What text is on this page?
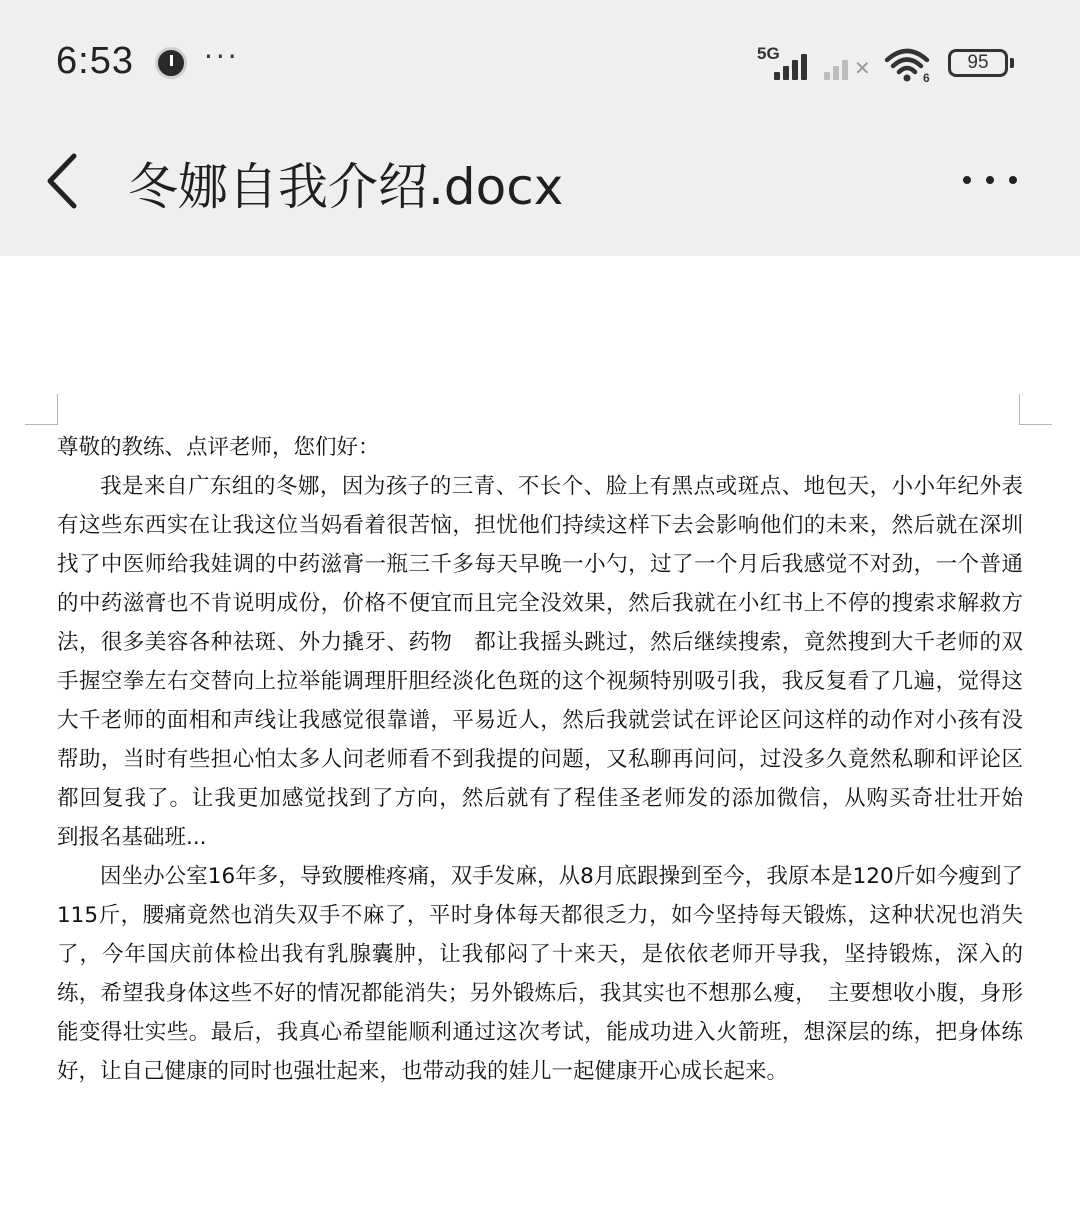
6:53	···	5G
✕	6
95
冬娜自我介绍.docx

尊敬的教练、点评老师，您们好：

我是来自广东组的冬娜，因为孩子的三青、不长个、脸上有黑点或斑点、地包天，小小年纪外表有这些东西实在让我这位当妈看着很苦恼，担忧他们持续这样下去会影响他们的未来，然后就在深圳找了中医师给我娃调的中药滋膏一瓶三千多每天早晚一小勺，过了一个月后我感觉不对劲，一个普通的中药滋膏也不肯说明成份，价格不便宜而且完全没效果，然后我就在小红书上不停的搜索求解救方法，很多美容各种祛斑、外力撬牙、药物　都让我摇头跳过，然后继续搜索，竟然搜到大千老师的双手握空拳左右交替向上拉举能调理肝胆经淡化色斑的这个视频特别吸引我，我反复看了几遍，觉得这大千老师的面相和声线让我感觉很靠谱，平易近人，然后我就尝试在评论区问这样的动作对小孩有没帮助，当时有些担心怕太多人问老师看不到我提的问题，又私聊再问问，过没多久竟然私聊和评论区都回复我了。让我更加感觉找到了方向，然后就有了程佳圣老师发的添加微信，从购买奇壮壮开始　到报名基础班...

因坐办公室16年多，导致腰椎疼痛，双手发麻，从8月底跟操到至今，我原本是120斤如今瘦到了115斤，腰痛竟然也消失双手不麻了，平时身体每天都很乏力，如今坚持每天锻炼，这种状况也消失了，今年国庆前体检出我有乳腺囊肿，让我郁闷了十来天，是依依老师开导我，坚持锻炼，深入的练，希望我身体这些不好的情况都能消失；另外锻炼后，我其实也不想那么瘦，　主要想收小腹，身形能变得壮实些。最后，我真心希望能顺利通过这次考试，能成功进入火箭班，想深层的练，把身体练好，让自己健康的同时也强壮起来，也带动我的娃儿一起健康开心成长起来。
